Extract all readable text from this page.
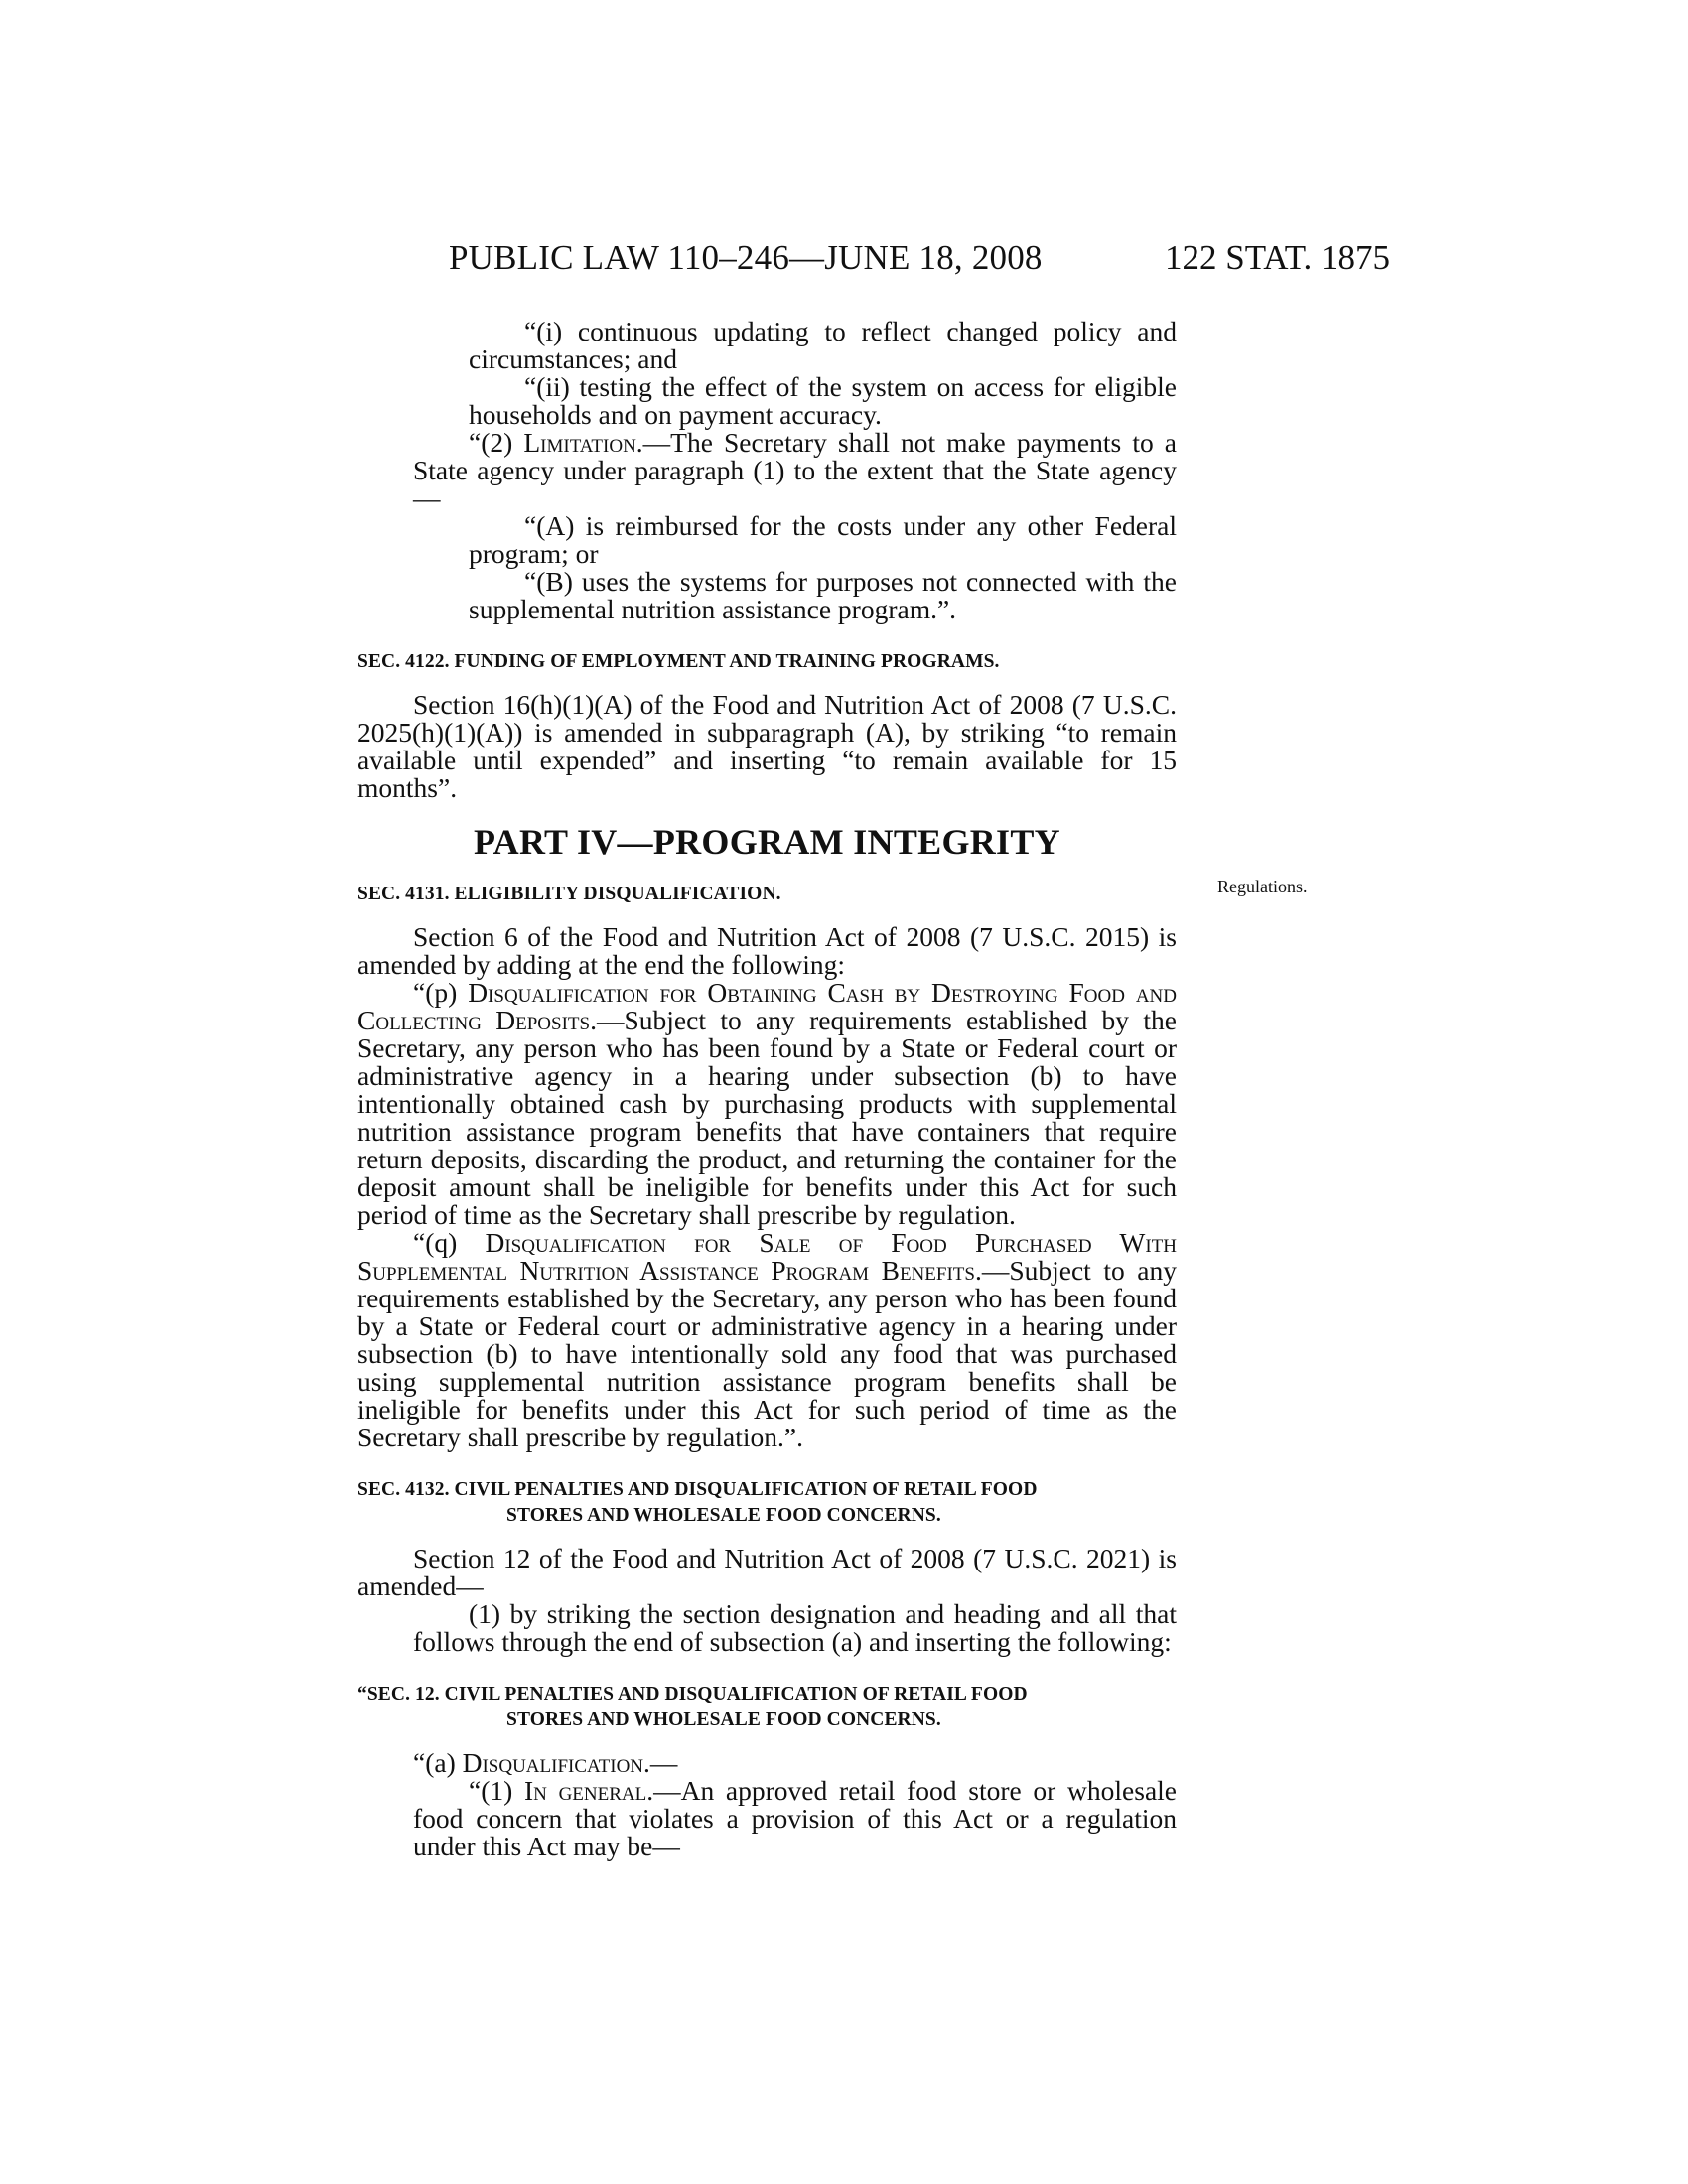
PUBLIC LAW 110–246—JUNE 18, 2008	122 STAT. 1875
Regulations.

“(i) continuous updating to reflect changed policy and circumstances; and

“(ii) testing the effect of the system on access for eligible households and on payment accuracy.

“(2) Limitation.—The Secretary shall not make payments to a State agency under paragraph (1) to the extent that the State agency—

“(A) is reimbursed for the costs under any other Federal program; or

“(B) uses the systems for purposes not connected with the supplemental nutrition assistance program.”.

SEC. 4122. FUNDING OF EMPLOYMENT AND TRAINING PROGRAMS.

Section 16(h)(1)(A) of the Food and Nutrition Act of 2008 (7 U.S.C. 2025(h)(1)(A)) is amended in subparagraph (A), by striking “to remain available until expended” and inserting “to remain available for 15 months”.

PART IV—PROGRAM INTEGRITY
SEC. 4131. ELIGIBILITY DISQUALIFICATION.

Section 6 of the Food and Nutrition Act of 2008 (7 U.S.C. 2015) is amended by adding at the end the following:

“(p) Disqualification for Obtaining Cash by Destroying Food and Collecting Deposits.—Subject to any requirements established by the Secretary, any person who has been found by a State or Federal court or administrative agency in a hearing under subsection (b) to have intentionally obtained cash by purchasing products with supplemental nutrition assistance program benefits that have containers that require return deposits, discarding the product, and returning the container for the deposit amount shall be ineligible for benefits under this Act for such period of time as the Secretary shall prescribe by regulation.

“(q) Disqualification for Sale of Food Purchased With Supplemental Nutrition Assistance Program Benefits.—Subject to any requirements established by the Secretary, any person who has been found by a State or Federal court or administrative agency in a hearing under subsection (b) to have intentionally sold any food that was purchased using supplemental nutrition assistance program benefits shall be ineligible for benefits under this Act for such period of time as the Secretary shall prescribe by regulation.”.

SEC. 4132. CIVIL PENALTIES AND DISQUALIFICATION OF RETAIL FOOD
STORES AND WHOLESALE FOOD CONCERNS.

Section 12 of the Food and Nutrition Act of 2008 (7 U.S.C. 2021) is amended—

(1) by striking the section designation and heading and all that follows through the end of subsection (a) and inserting the following:

“SEC. 12. CIVIL PENALTIES AND DISQUALIFICATION OF RETAIL FOOD
STORES AND WHOLESALE FOOD CONCERNS.

“(a) Disqualification.—

“(1) In general.—An approved retail food store or wholesale food concern that violates a provision of this Act or a regulation under this Act may be—
